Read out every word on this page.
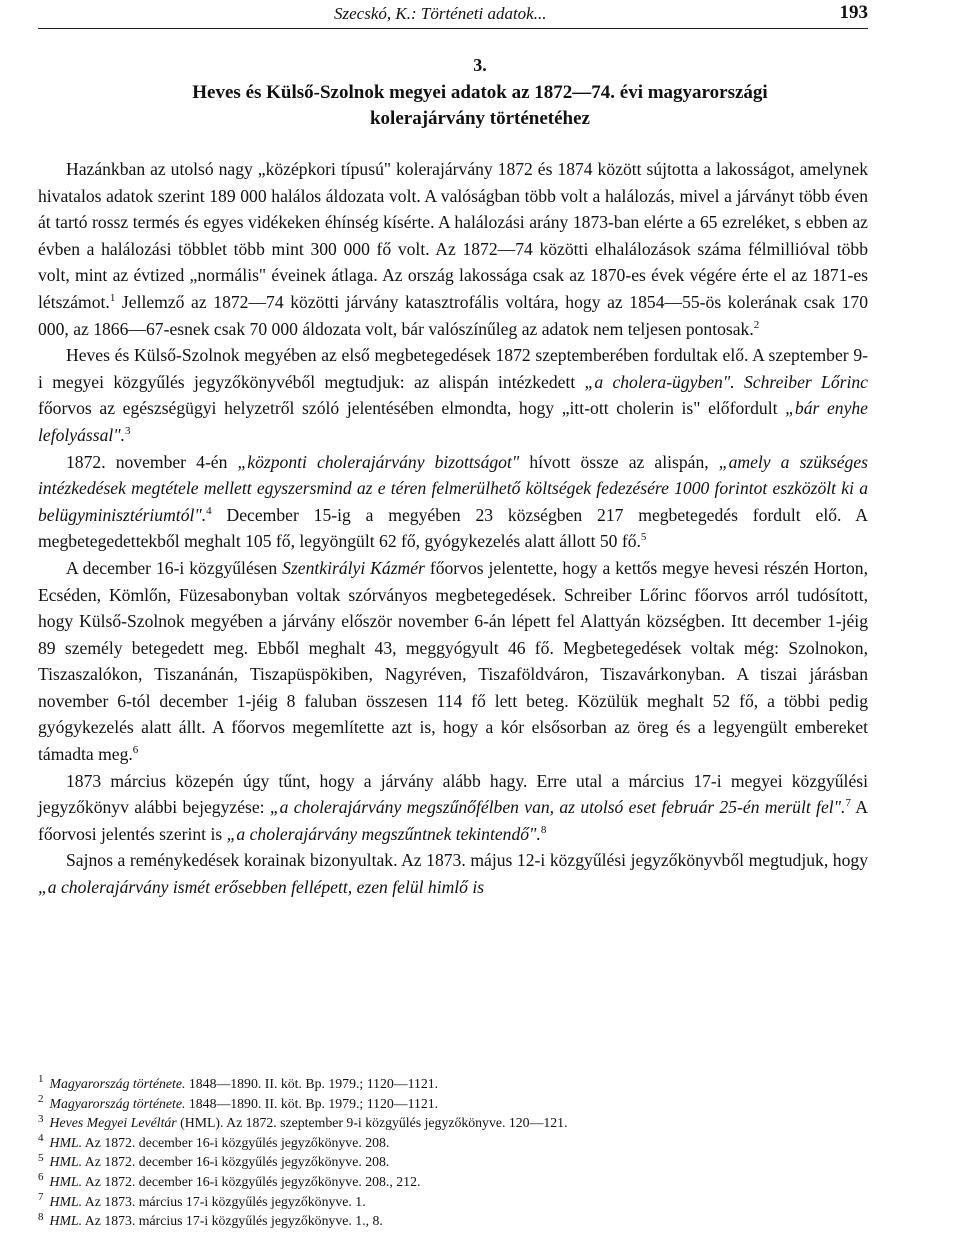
Szecskó, K.: Történeti adatok...	193
3.
Heves és Külső-Szolnok megyei adatok az 1872—74. évi magyarországi
kolerajárvány történetéhez

Hazánkban az utolsó nagy „középkori típusú" kolerajárvány 1872 és 1874 között sújtotta a lakosságot, amelynek hivatalos adatok szerint 189 000 halálos áldozata volt. A valóságban több volt a halálozás, mivel a járványt több éven át tartó rossz termés és egyes vidékeken éhínség kísérte. A halálozási arány 1873-ban elérte a 65 ezreléket, s ebben az évben a halálozási többlet több mint 300 000 fő volt. Az 1872—74 közötti elhalálozások száma félmillióval több volt, mint az évtized „normális" éveinek átlaga. Az ország lakossága csak az 1870-es évek végére érte el az 1871-es létszámot.$^1$ Jellemző az 1872—74 közötti járvány katasztrofális voltára, hogy az 1854—55-ös kolerának csak 170 000, az 1866—67-esnek csak 70 000 áldozata volt, bár valószínűleg az adatok nem teljesen pontosak.$^2$

Heves és Külső-Szolnok megyében az első megbetegedések 1872 szeptemberében fordultak elő. A szeptember 9-i megyei közgyűlés jegyzőkönyvéből megtudjuk: az alispán intézkedett „a cholera-ügyben". Schreiber Lőrinc főorvos az egészségügyi helyzetről szóló jelentésében elmondta, hogy „itt-ott cholerin is" előfordult „bár enyhe lefolyással".$^3$

1872. november 4-én „központi cholerajárvány bizottságot" hívott össze az alispán, „amely a szükséges intézkedések megtétele mellett egyszersmind az e téren felmerülhető költségek fedezésére 1000 forintot eszközölt ki a belügyminisztériumtól".$^4$ December 15-ig a megyében 23 községben 217 megbetegedés fordult elő. A megbetegedettekből meghalt 105 fő, legyöngült 62 fő, gyógykezelés alatt állott 50 fő.$^5$

A december 16-i közgyűlésen Szentkirályi Kázmér főorvos jelentette, hogy a kettős megye hevesi részén Horton, Ecséden, Kömlőn, Füzesabonyban voltak szórványos megbetegedések. Schreiber Lőrinc főorvos arról tudósított, hogy Külső-Szolnok megyében a járvány először november 6-án lépett fel Alattyán községben. Itt december 1-jéig 89 személy betegedett meg. Ebből meghalt 43, meggyógyult 46 fő. Megbetegedések voltak még: Szolnokon, Tiszaszalókon, Tiszanánán, Tiszapüspökiben, Nagyréven, Tiszaföldváron, Tiszavárkonyban. A tiszai járásban november 6-tól december 1-jéig 8 faluban összesen 114 fő lett beteg. Közülük meghalt 52 fő, a többi pedig gyógykezelés alatt állt. A főorvos megemlítette azt is, hogy a kór elsősorban az öreg és a legyengült embereket támadta meg.$^6$

1873 március közepén úgy tűnt, hogy a járvány alább hagy. Erre utal a március 17-i megyei közgyűlési jegyzőkönyv alábbi bejegyzése: „a cholerajárvány megszűnőfélben van, az utolsó eset február 25-én merült fel".$^7$ A főorvosi jelentés szerint is „a cholerajárvány megszűntnek tekintendő".$^8$

Sajnos a reménykedések korainak bizonyultak. Az 1873. május 12-i közgyűlési jegyzőkönyvből megtudjuk, hogy „a cholerajárvány ismét erősebben fellépett, ezen felül himlő is

$^1$ Magyarország története. 1848—1890. II. köt. Bp. 1979.; 1120—1121.

$^2$ Magyarország története. 1848—1890. II. köt. Bp. 1979.; 1120—1121.

$^3$ Heves Megyei Levéltár (HML). Az 1872. szeptember 9-i közgyűlés jegyzőkönyve. 120—121.

$^4$ HML. Az 1872. december 16-i közgyűlés jegyzőkönyve. 208.

$^5$ HML. Az 1872. december 16-i közgyűlés jegyzőkönyve. 208.

$^6$ HML. Az 1872. december 16-i közgyűlés jegyzőkönyve. 208., 212.

$^7$ HML. Az 1873. március 17-i közgyűlés jegyzőkönyve. 1.

$^8$ HML. Az 1873. március 17-i közgyűlés jegyzőkönyve. 1., 8.
